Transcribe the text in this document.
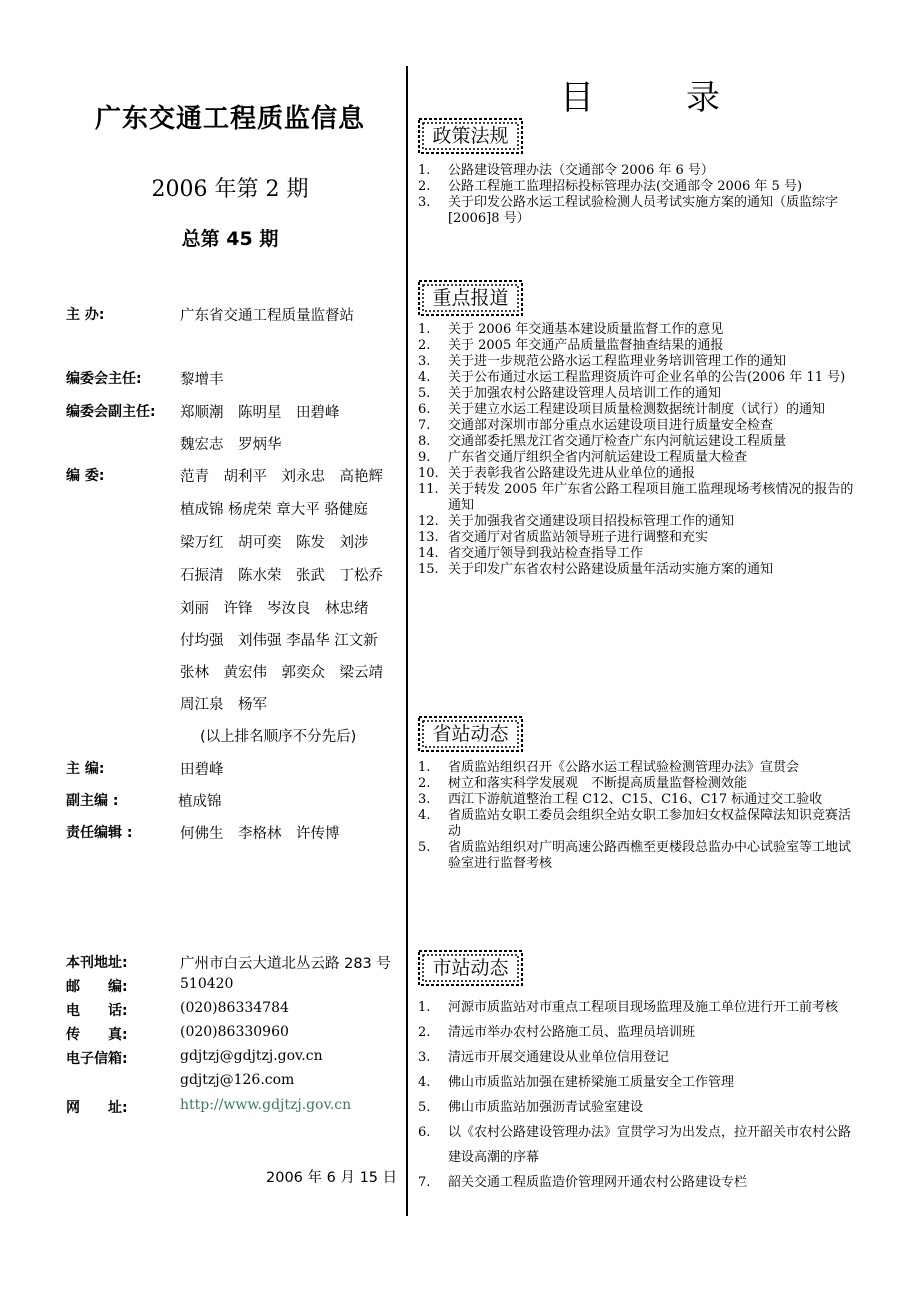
广东交通工程质监信息
2006 年第 2 期
总第 45 期
主 办:	广东省交通工程质量监督站
编委会主任:	黎增丰
编委会副主任: 郑顺潮　陈明星　田碧峰
魏宏志　罗炳华
编 委:	范青　胡利平　刘永忠　高艳辉
植成锦 杨虎荣 章大平 骆健庭
梁万红　胡可奕　陈发　刘涉
石振清　陈水荣　张武　丁松乔
刘丽　许锋　岑汝良　林忠绪
付均强　刘伟强 李晶华 江文新
张林　黄宏伟　郭奕众　梁云靖
周江泉　杨军
(以上排名顺序不分先后)
主 编:	田碧峰
副主编 :	植成锦
责任编辑 :	何佛生　李格林　许传博
本刊地址:	广州市白云大道北丛云路 283 号
邮　　编:	510420
电　　话:	(020)86334784
传　　真:	(020)86330960
电子信箱:	gdjtzj@gdjtzj.gov.cn
gdjtzj@126.com
网　　址:	http://www.gdjtzj.gov.cn
2006 年 6 月 15 日
目	录
政策法规
1.	公路建设管理办法（交通部令 2006 年 6 号）
2.	公路工程施工监理招标投标管理办法(交通部令 2006 年 5 号)
3.	关于印发公路水运工程试验检测人员考试实施方案的通知（质监综字[2006]8 号）
重点报道
1.	关于 2006 年交通基本建设质量监督工作的意见
2.	关于 2005 年交通产品质量监督抽查结果的通报
3.	关于进一步规范公路水运工程监理业务培训管理工作的通知
4.	关于公布通过水运工程监理资质许可企业名单的公告(2006 年 11 号)
5.	关于加强农村公路建设管理人员培训工作的通知
6.	关于建立水运工程建设项目质量检测数据统计制度（试行）的通知
7.	交通部对深圳市部分重点水运建设项目进行质量安全检查
8.	交通部委托黑龙江省交通厅检查广东内河航运建设工程质量
9.	广东省交通厅组织全省内河航运建设工程质量大检查
10. 关于表彰我省公路建设先进从业单位的通报
11. 关于转发 2005 年广东省公路工程项目施工监理现场考核情况的报告的通知
12. 关于加强我省交通建设项目招投标管理工作的通知
13. 省交通厅对省质监站领导班子进行调整和充实
14. 省交通厅领导到我站检查指导工作
15. 关于印发广东省农村公路建设质量年活动实施方案的通知
省站动态
1.	省质监站组织召开《公路水运工程试验检测管理办法》宣贯会
2.	树立和落实科学发展观　不断提高质量监督检测效能
3.	西江下游航道整治工程 C12、C15、C16、C17 标通过交工验收
4.	省质监站女职工委员会组织全站女职工参加妇女权益保障法知识竞赛活动
5.	省质监站组织对广明高速公路西樵至更楼段总监办中心试验室等工地试验室进行监督考核
市站动态
1.	河源市质监站对市重点工程项目现场监理及施工单位进行开工前考核
2.	清远市举办农村公路施工员、监理员培训班
3.	清远市开展交通建设从业单位信用登记
4.	佛山市质监站加强在建桥梁施工质量安全工作管理
5.	佛山市质监站加强沥青试验室建设
6.	以《农村公路建设管理办法》宣贯学习为出发点，拉开韶关市农村公路建设高潮的序幕
7.	韶关交通工程质监造价管理网开通农村公路建设专栏
